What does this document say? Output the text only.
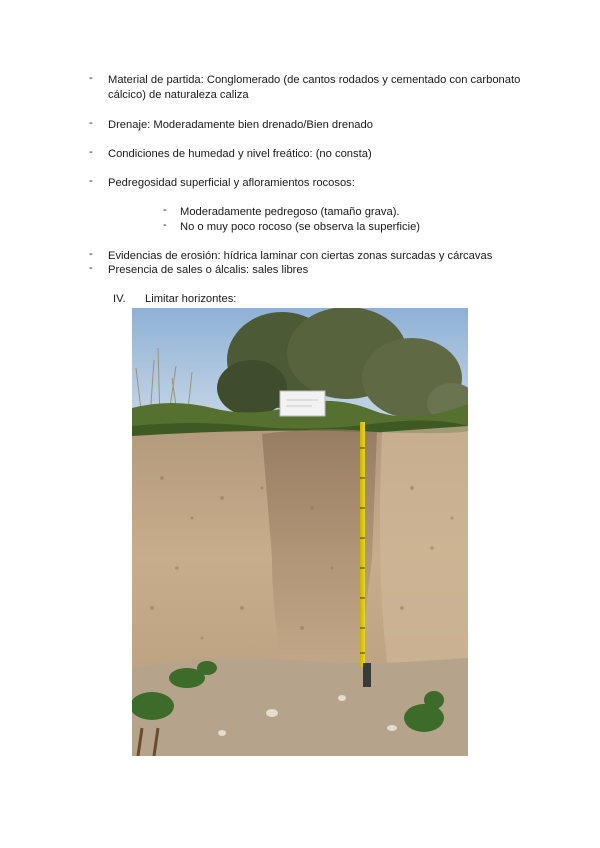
- Material de partida: Conglomerado (de cantos rodados y cementado con carbonato
cálcico) de naturaleza caliza
- Drenaje: Moderadamente bien drenado/Bien drenado
- Condiciones de humedad y nivel freático: (no consta)
- Pedregosidad superficial y afloramientos rocosos:
- Moderadamente pedregoso (tamaño grava).
- No o muy poco rocoso (se observa la superficie)
- Evidencias de erosión: hídrica laminar con ciertas zonas surcadas y cárcavas
- Presencia de sales o álcalis: sales libres
IV. Limitar horizontes:
